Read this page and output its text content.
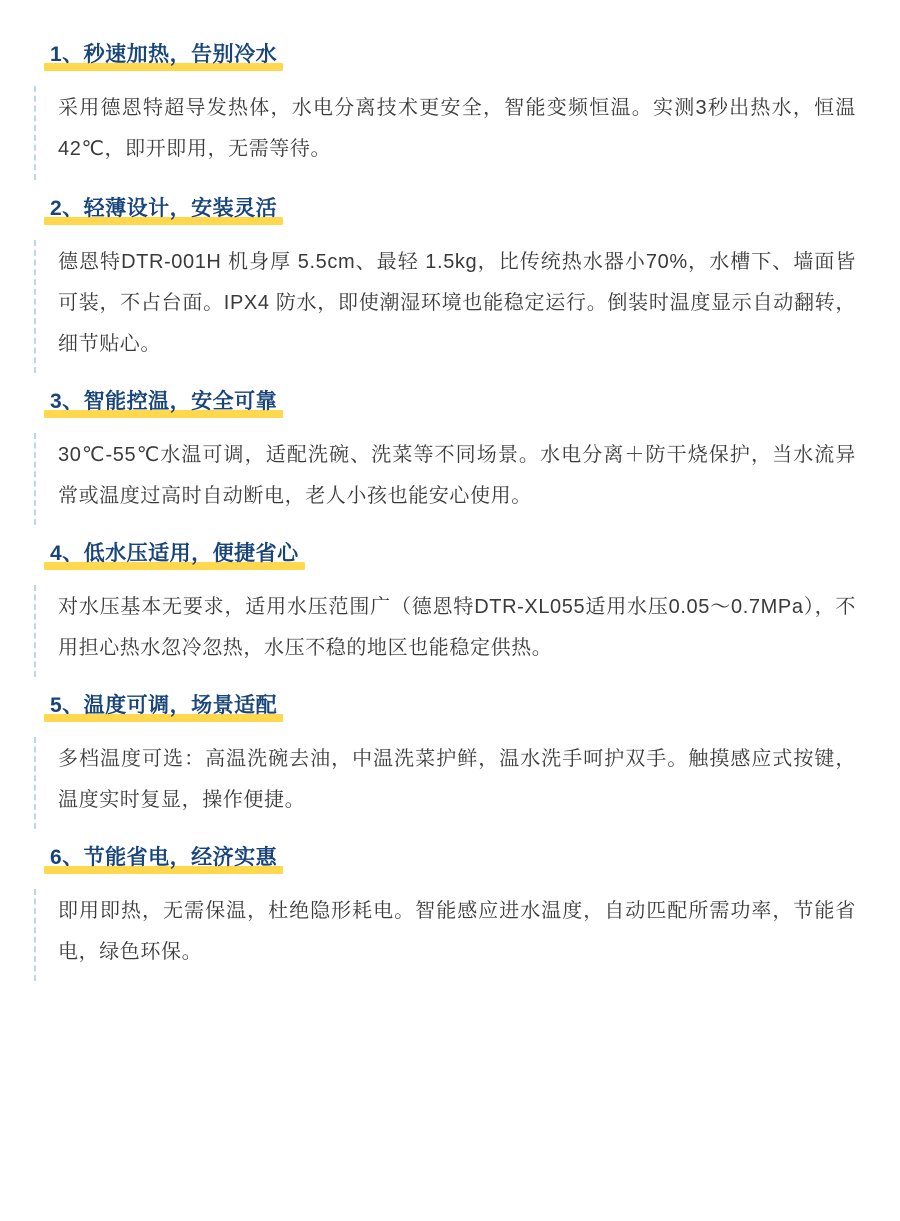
1、秒速加热，告别冷水

采用德恩特超导发热体，水电分离技术更安全，智能变频恒温。实测3秒出热水，恒温42℃，即开即用，无需等待。

2、轻薄设计，安装灵活

德恩特DTR-001H 机身厚 5.5cm、最轻 1.5kg，比传统热水器小70%，水槽下、墙面皆可装，不占台面。IPX4 防水，即使潮湿环境也能稳定运行。倒装时温度显示自动翻转，细节贴心。

3、智能控温，安全可靠

30℃-55℃水温可调，适配洗碗、洗菜等不同场景。水电分离＋防干烧保护，当水流异常或温度过高时自动断电，老人小孩也能安心使用。

4、低水压适用，便捷省心

对水压基本无要求，适用水压范围广（德恩特DTR-XL055适用水压0.05～0.7MPa），不用担心热水忽冷忽热，水压不稳的地区也能稳定供热。

5、温度可调，场景适配

多档温度可选：高温洗碗去油，中温洗菜护鲜，温水洗手呵护双手。触摸感应式按键，温度实时复显，操作便捷。

6、节能省电，经济实惠

即用即热，无需保温，杜绝隐形耗电。智能感应进水温度，自动匹配所需功率，节能省电，绿色环保。
